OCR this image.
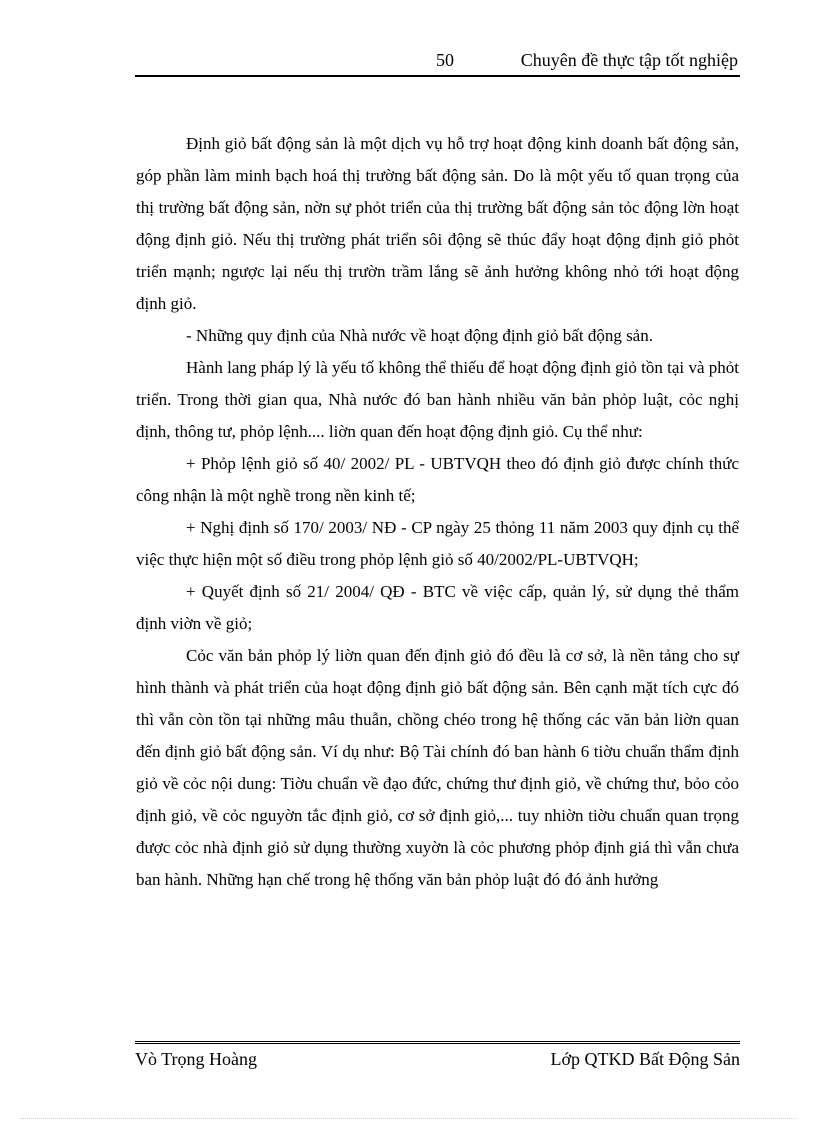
50	Chuyên đề thực tập tốt nghiệp

Định giỏ bất động sản là một dịch vụ hỗ trợ hoạt động kinh doanh bất động sản, góp phần làm minh bạch hoá thị trường bất động sản. Do là một yếu tố quan trọng của thị trường bất động sản, nờn sự phỏt triển của thị trường bất động sản tỏc động lờn hoạt động định giỏ. Nếu thị trường phát triển sôi động sẽ thúc đẩy hoạt động định giỏ phỏt triển mạnh; ngược lại nếu thị trườn trầm lắng sẽ ảnh hưởng không nhỏ tới hoạt động định giỏ.

- Những quy định của Nhà nước về hoạt động định giỏ bất động sản.

Hành lang pháp lý là yếu tố không thể thiếu để hoạt động định giỏ tồn tại và phỏt triển. Trong thời gian qua, Nhà nước đó ban hành nhiều văn bản phỏp luật, cỏc nghị định, thông tư, phỏp lệnh.... liờn quan đến hoạt động định giỏ. Cụ thể như:

+ Phỏp lệnh giỏ số 40/ 2002/ PL - UBTVQH theo đó định giỏ được chính thức công nhận là một nghề trong nền kinh tế;

+ Nghị định số 170/ 2003/ NĐ - CP ngày 25 thỏng 11 năm 2003 quy định cụ thể việc thực hiện một số điều trong phỏp lệnh giỏ số 40/2002/PL-UBTVQH;

+ Quyết định số 21/ 2004/ QĐ - BTC về việc cấp, quản lý, sử dụng thẻ thẩm định viờn về giỏ;

Cỏc văn bản phỏp lý liờn quan đến định giỏ đó đều là cơ sở, là nền tảng cho sự hình thành và phát triển của hoạt động định giỏ bất động sản. Bên cạnh mặt tích cực đó thì vẫn còn tồn tại những mâu thuẫn, chồng chéo trong hệ thống các văn bản liờn quan đến định giỏ bất động sản. Ví dụ như: Bộ Tài chính đó ban hành 6 tiờu chuẩn thẩm định giỏ về cỏc nội dung: Tiờu chuẩn về đạo đức, chứng thư định giỏ, về chứng thư, bỏo cỏo định giỏ, về cỏc nguyờn tắc định giỏ, cơ sở định giỏ,... tuy nhiờn tiờu chuẩn quan trọng được cỏc nhà định giỏ sử dụng thường xuyờn là cỏc phương phỏp định giá thì vẫn chưa ban hành. Những hạn chế trong hệ thống văn bản phỏp luật đó đó ảnh hưởng

Vò Trọng Hoàng	Lớp QTKD Bất Động Sản
